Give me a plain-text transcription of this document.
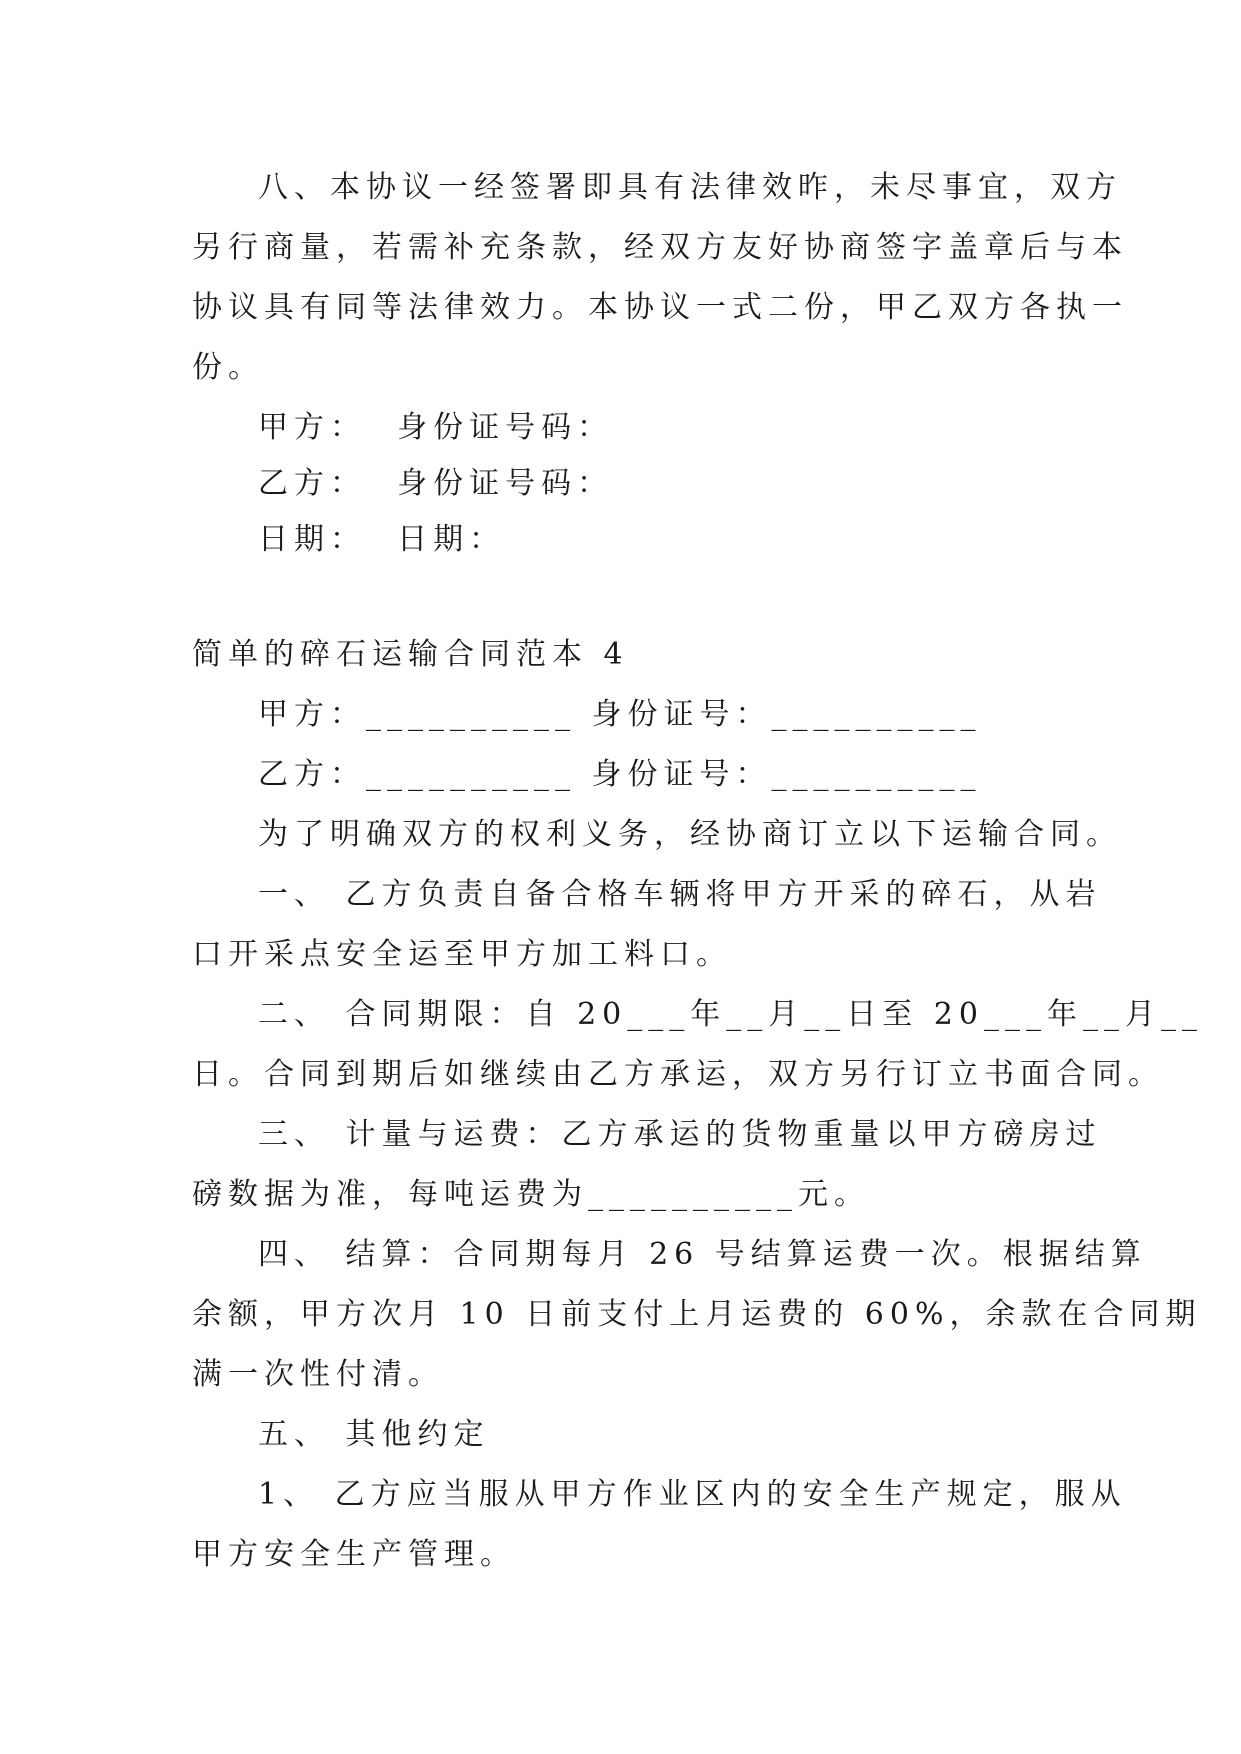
八、本协议一经签署即具有法律效昨，未尽事宜，双方
另行商量，若需补充条款，经双方友好协商签字盖章后与本
协议具有同等法律效力。本协议一式二份，甲乙双方各执一
份。
甲方：  身份证号码：
乙方：  身份证号码：
日期：  日期：
简单的碎石运输合同范本 4
甲方：__________ 身份证号：__________
乙方：__________ 身份证号：__________
为了明确双方的权利义务，经协商订立以下运输合同。
一、 乙方负责自备合格车辆将甲方开采的碎石，从岩
口开采点安全运至甲方加工料口。
二、 合同期限：自 20___年__月__日至 20___年__月__
日。合同到期后如继续由乙方承运，双方另行订立书面合同。
三、 计量与运费：乙方承运的货物重量以甲方磅房过
磅数据为准，每吨运费为__________元。
四、 结算：合同期每月 26 号结算运费一次。根据结算
余额，甲方次月 10 日前支付上月运费的 60%，余款在合同期
满一次性付清。
五、 其他约定
1、 乙方应当服从甲方作业区内的安全生产规定，服从
甲方安全生产管理。
